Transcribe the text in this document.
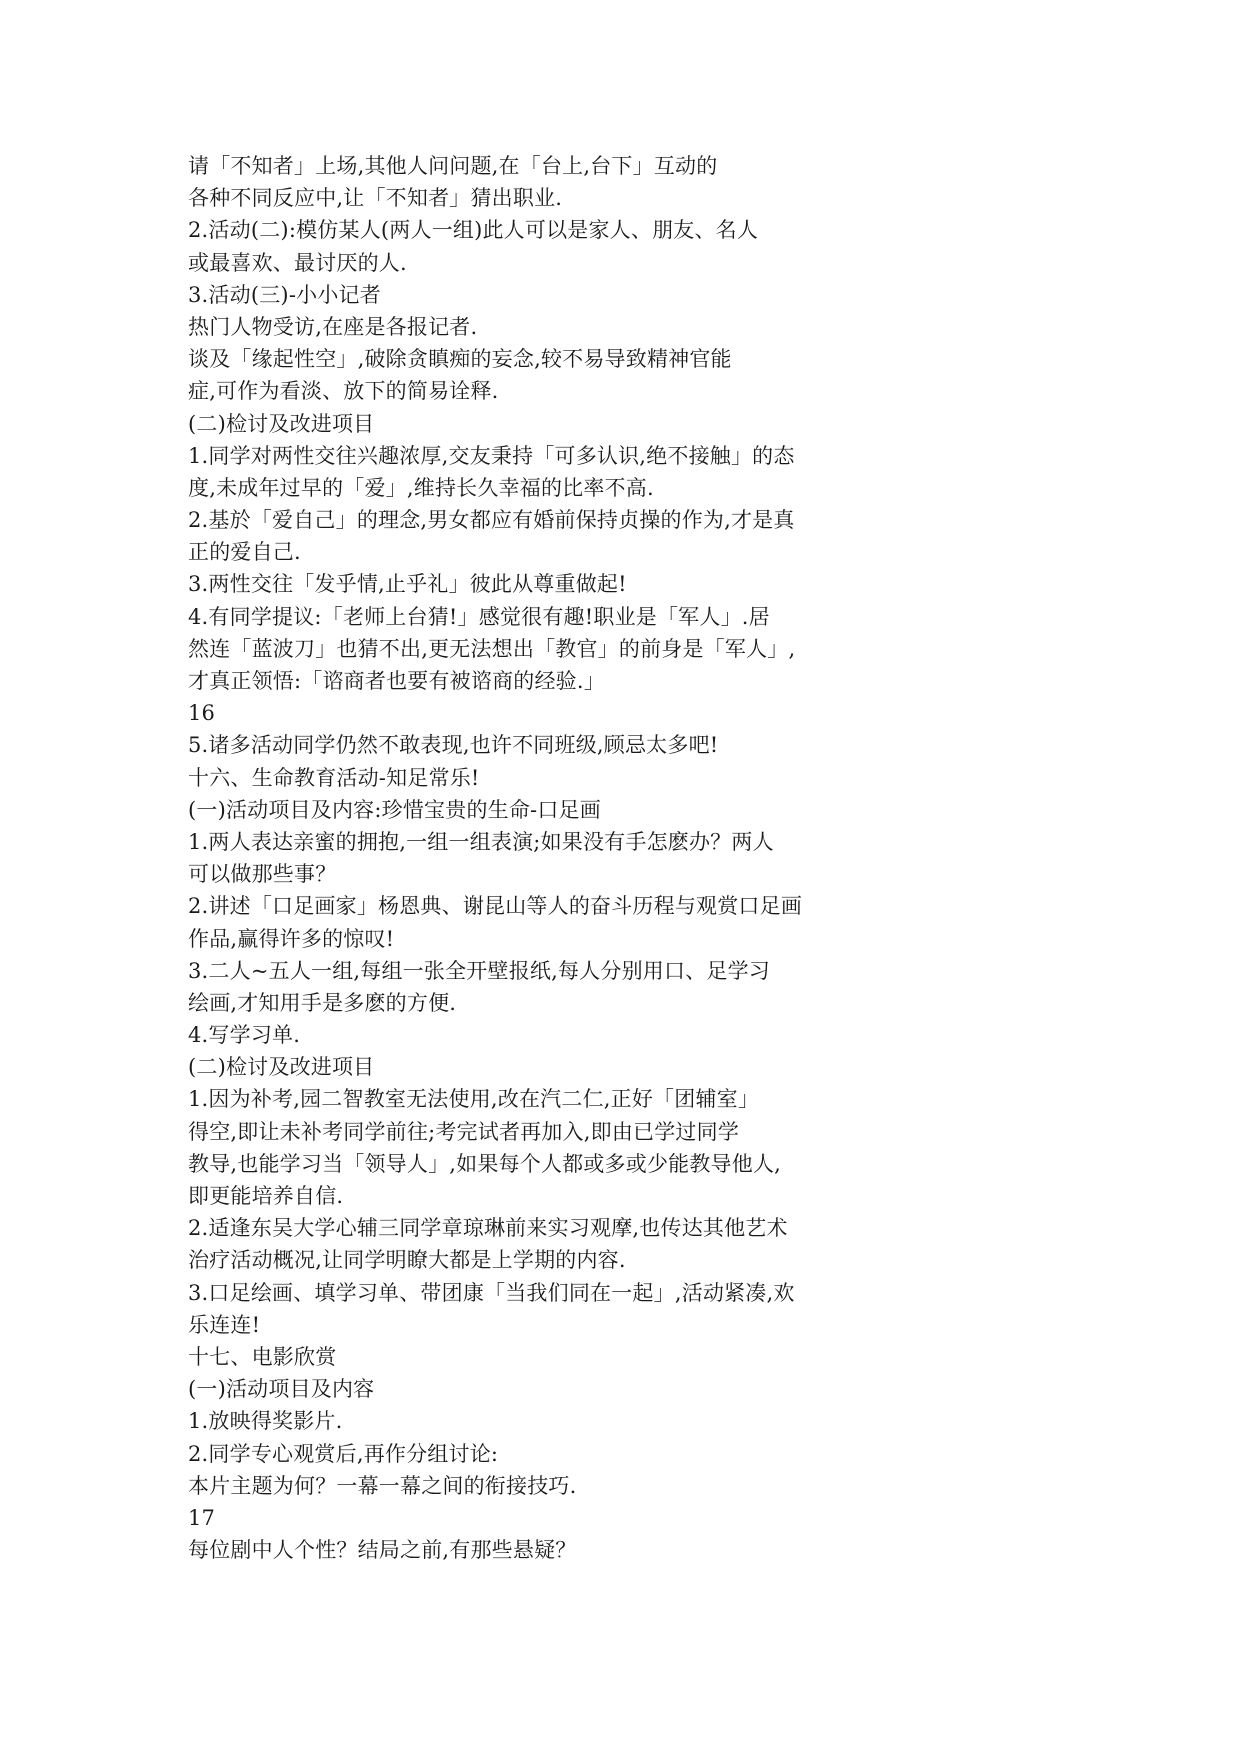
请「不知者」上场,其他人问问题,在「台上,台下」互动的
各种不同反应中,让「不知者」猜出职业.
2.活动(二):模仿某人(两人一组)此人可以是家人、朋友、名人
或最喜欢、最讨厌的人.
3.活动(三)-小小记者
热门人物受访,在座是各报记者.
谈及「缘起性空」,破除贪瞋痴的妄念,较不易导致精神官能
症,可作为看淡、放下的简易诠释.
(二)检讨及改进项目
1.同学对两性交往兴趣浓厚,交友秉持「可多认识,绝不接触」的态
度,未成年过早的「爱」,维持长久幸福的比率不高.
2.基於「爱自己」的理念,男女都应有婚前保持贞操的作为,才是真
正的爱自己.
3.两性交往「发乎情,止乎礼」彼此从尊重做起!
4.有同学提议:「老师上台猜!」感觉很有趣!职业是「军人」.居
然连「蓝波刀」也猜不出,更无法想出「教官」的前身是「军人」,
才真正领悟:「谘商者也要有被谘商的经验.」
16
5.诸多活动同学仍然不敢表现,也许不同班级,顾忌太多吧!
十六、生命教育活动-知足常乐!
(一)活动项目及内容:珍惜宝贵的生命-口足画
1.两人表达亲蜜的拥抱,一组一组表演;如果没有手怎麽办？两人
可以做那些事？
2.讲述「口足画家」杨恩典、谢昆山等人的奋斗历程与观赏口足画
作品,赢得许多的惊叹!
3.二人~五人一组,每组一张全开壁报纸,每人分别用口、足学习
绘画,才知用手是多麽的方便.
4.写学习单.
(二)检讨及改进项目
1.因为补考,园二智教室无法使用,改在汽二仁,正好「团辅室」
得空,即让未补考同学前往;考完试者再加入,即由已学过同学
教导,也能学习当「领导人」,如果每个人都或多或少能教导他人,
即更能培养自信.
2.适逢东吴大学心辅三同学章琼琳前来实习观摩,也传达其他艺术
治疗活动概况,让同学明瞭大都是上学期的内容.
3.口足绘画、填学习单、带团康「当我们同在一起」,活动紧凑,欢
乐连连!
十七、电影欣赏
(一)活动项目及内容
1.放映得奖影片.
2.同学专心观赏后,再作分组讨论:
本片主题为何？一幕一幕之间的衔接技巧.
17
每位剧中人个性？结局之前,有那些悬疑？
